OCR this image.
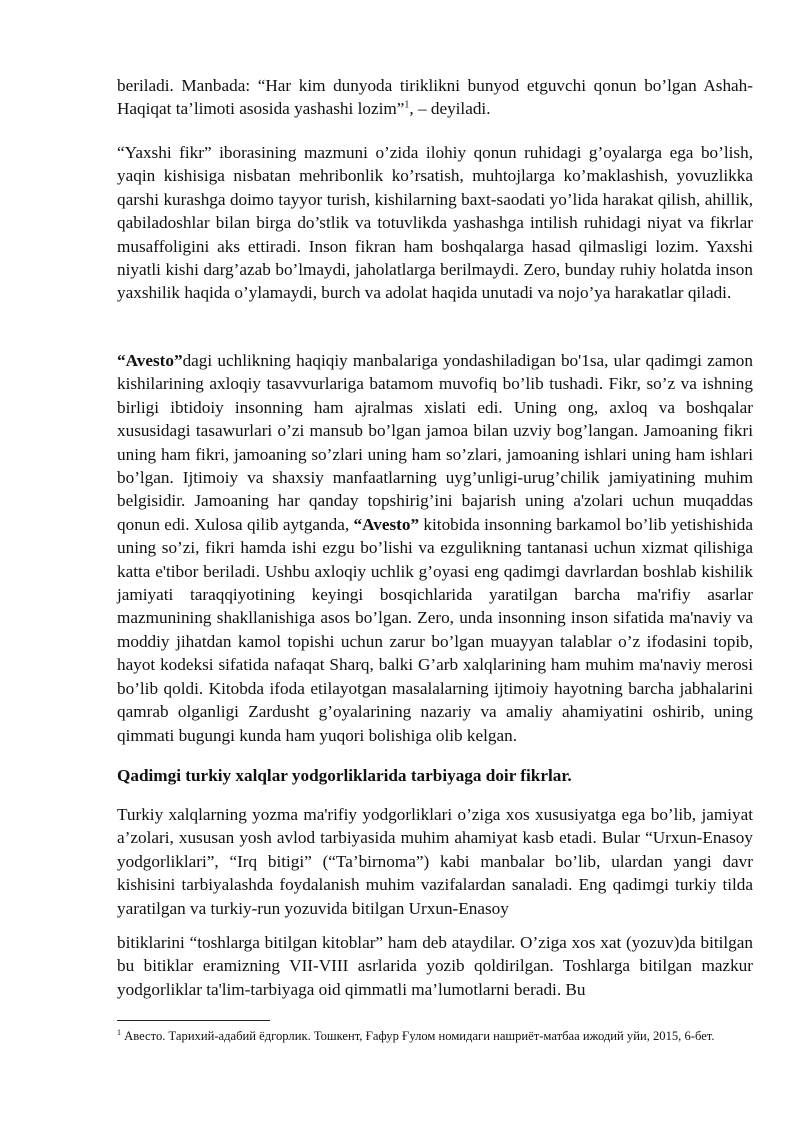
beriladi. Manbada: “Har kim dunyoda tiriklikni bunyod etguvchi qonun bo’lgan Ashah-Haqiqat ta’limoti asosida yashashi lozim”$^1$, – deyiladi.

“Yaxshi fikr” iborasining mazmuni o’zida ilohiy qonun ruhidagi g’oyalarga ega bo’lish, yaqin kishisiga nisbatan mehribonlik ko’rsatish, muhtojlarga ko’maklashish, yovuzlikka qarshi kurashga doimo tayyor turish, kishilarning baxt-saodati yo’lida harakat qilish, ahillik, qabiladoshlar bilan birga do’stlik va totuvlikda yashashga intilish ruhidagi niyat va fikrlar musaffoligini aks ettiradi. Inson fikran ham boshqalarga hasad qilmasligi lozim. Yaxshi niyatli kishi darg’azab bo’lmaydi, jaholatlarga berilmaydi. Zero, bunday ruhiy holatda inson yaxshilik haqida o’ylamaydi, burch va adolat haqida unutadi va nojo’ya harakatlar qiladi.

“Avesto”dagi uchlikning haqiqiy manbalariga yondashiladigan bo'1sa, ular qadimgi zamon kishilarining axloqiy tasavvurlariga batamom muvofiq bo’lib tushadi. Fikr, so’z va ishning birligi ibtidoiy insonning ham ajralmas xislati edi. Uning ong, axloq va boshqalar xususidagi tasawurlari o’zi mansub bo’lgan jamoa bilan uzviy bog’langan. Jamoaning fikri uning ham fikri, jamoaning so’zlari uning ham so’zlari, jamoaning ishlari uning ham ishlari bo’lgan. Ijtimoiy va shaxsiy manfaatlarning uyg’unligi-urug’chilik jamiyatining muhim belgisidir. Jamoaning har qanday topshirig’ini bajarish uning a'zolari uchun muqaddas qonun edi. Xulosa qilib aytganda, “Avesto” kitobida insonning barkamol bo’lib yetishishida uning so’zi, fikri hamda ishi ezgu bo’lishi va ezgulikning tantanasi uchun xizmat qilishiga katta e'tibor beriladi. Ushbu axloqiy uchlik g’oyasi eng qadimgi davrlardan boshlab kishilik jamiyati taraqqiyotining keyingi bosqichlarida yaratilgan barcha ma'rifiy asarlar mazmunining shakllanishiga asos bo’lgan. Zero, unda insonning inson sifatida ma'naviy va moddiy jihatdan kamol topishi uchun zarur bo’lgan muayyan talablar o’z ifodasini topib, hayot kodeksi sifatida nafaqat Sharq, balki G’arb xalqlarining ham muhim ma'naviy merosi bo’lib qoldi. Kitobda ifoda etilayotgan masalalarning ijtimoiy hayotning barcha jabhalarini qamrab olganligi Zardusht g’oyalarining nazariy va amaliy ahamiyatini oshirib, uning qimmati bugungi kunda ham yuqori bolishiga olib kelgan.

Qadimgi turkiy xalqlar yodgorliklarida tarbiyaga doir fikrlar.

Turkiy xalqlarning yozma ma'rifiy yodgorliklari o’ziga xos xususiyatga ega bo’lib, jamiyat a’zolari, xususan yosh avlod tarbiyasida muhim ahamiyat kasb etadi. Bular “Urxun-Enasoy yodgorliklari”, “Irq bitigi” (“Ta’birnoma”) kabi manbalar bo’lib, ulardan yangi davr kishisini tarbiyalashda foydalanish muhim vazifalardan sanaladi. Eng qadimgi turkiy tilda yaratilgan va turkiy-run yozuvida bitilgan Urxun-Enasoy

bitiklarini “toshlarga bitilgan kitoblar” ham deb ataydilar. O’ziga xos xat (yozuv)da bitilgan bu bitiklar eramizning VII-VIII asrlarida yozib qoldirilgan. Toshlarga bitilgan mazkur yodgorliklar ta'lim-tarbiyaga oid qimmatli ma’lumotlarni beradi. Bu

$^1$ Авесто. Тарихий-адабий ёдгорлик. Тошкент, Ғафур Ғулом номидаги нашриёт-матбаа ижодий уйи, 2015, 6-бет.
